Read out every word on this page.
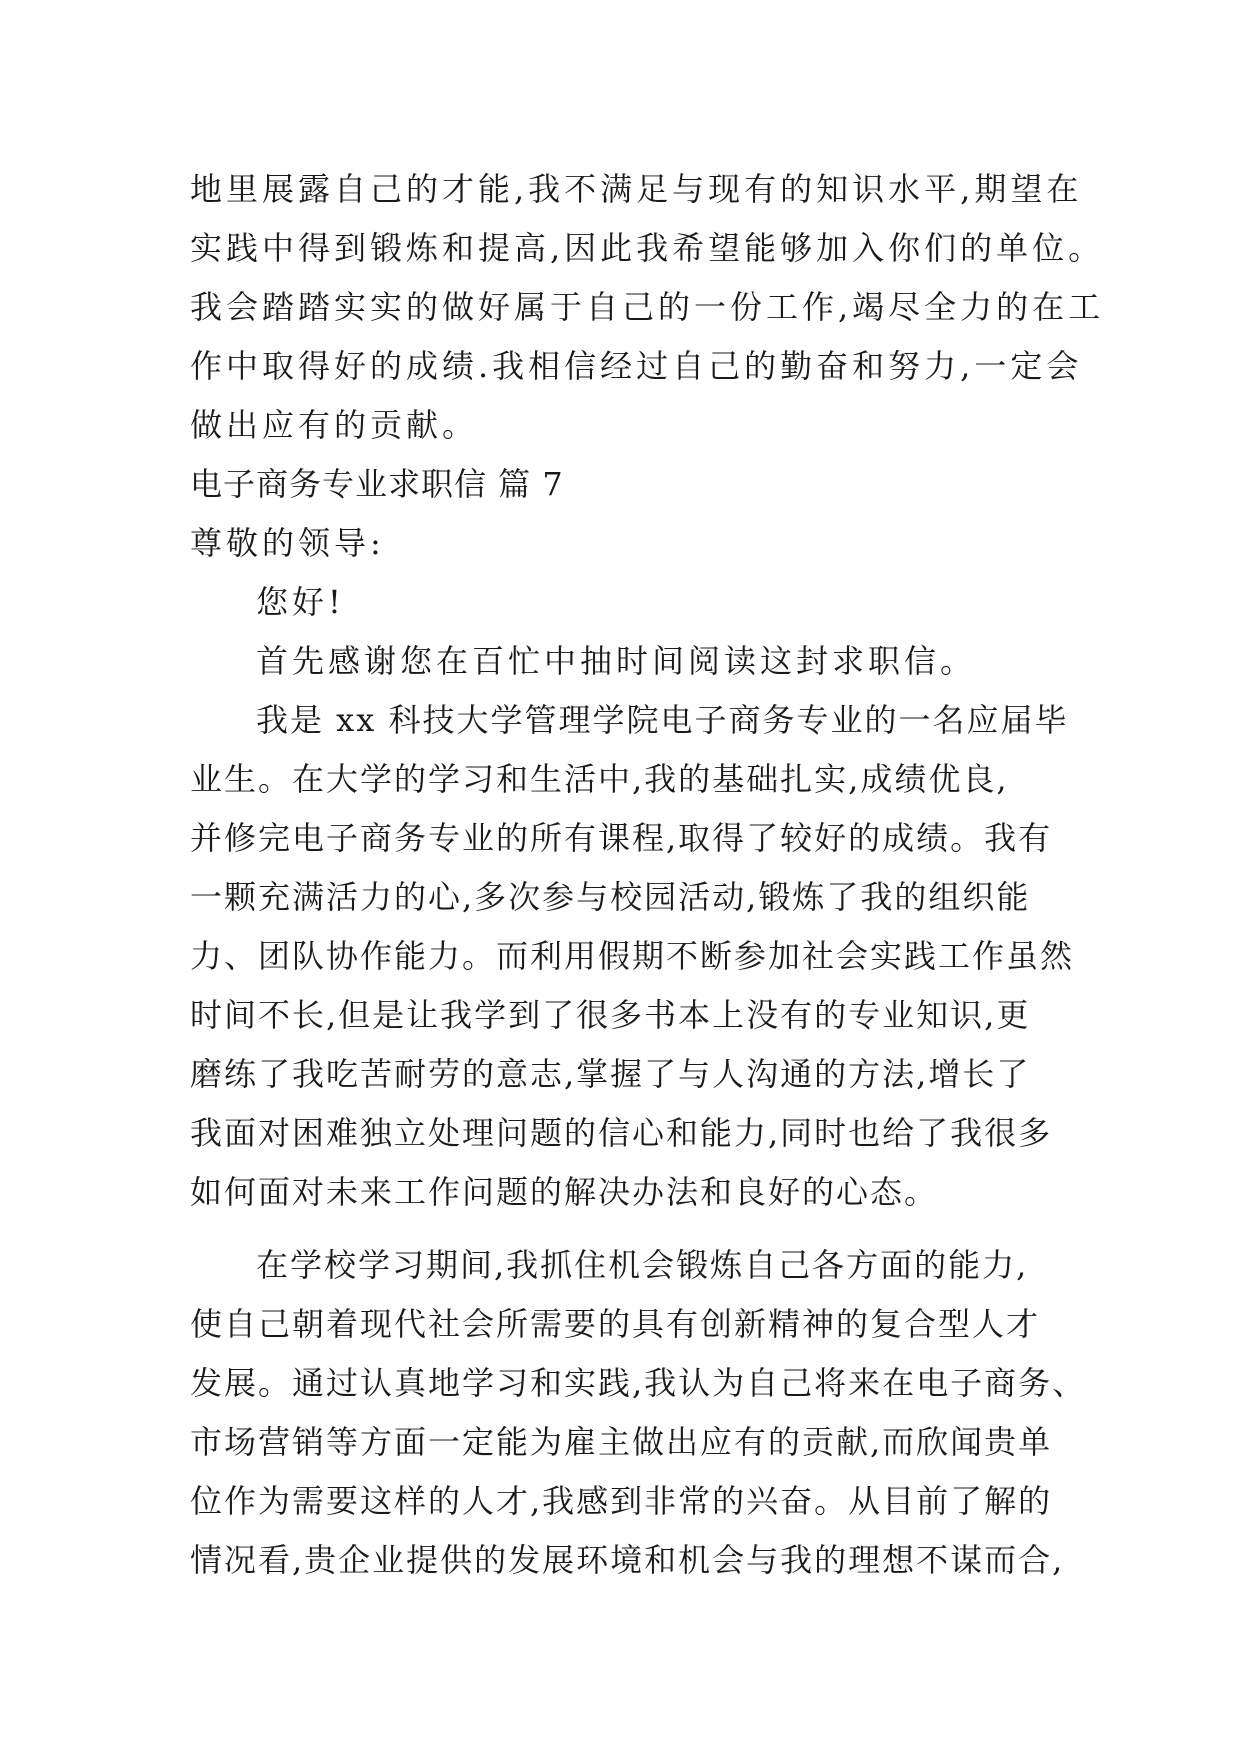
地里展露自己的才能,我不满足与现有的知识水平,期望在
实践中得到锻炼和提高,因此我希望能够加入你们的单位。
我会踏踏实实的做好属于自己的一份工作,竭尽全力的在工
作中取得好的成绩.我相信经过自己的勤奋和努力,一定会
做出应有的贡献。
电子商务专业求职信 篇 7
尊敬的领导:
您好!
首先感谢您在百忙中抽时间阅读这封求职信。
我是 xx 科技大学管理学院电子商务专业的一名应届毕
业生。在大学的学习和生活中,我的基础扎实,成绩优良,
并修完电子商务专业的所有课程,取得了较好的成绩。我有
一颗充满活力的心,多次参与校园活动,锻炼了我的组织能
力、团队协作能力。而利用假期不断参加社会实践工作虽然
时间不长,但是让我学到了很多书本上没有的专业知识,更
磨练了我吃苦耐劳的意志,掌握了与人沟通的方法,增长了
我面对困难独立处理问题的信心和能力,同时也给了我很多
如何面对未来工作问题的解决办法和良好的心态。
在学校学习期间,我抓住机会锻炼自己各方面的能力,
使自己朝着现代社会所需要的具有创新精神的复合型人才
发展。通过认真地学习和实践,我认为自己将来在电子商务、
市场营销等方面一定能为雇主做出应有的贡献,而欣闻贵单
位作为需要这样的人才,我感到非常的兴奋。从目前了解的
情况看,贵企业提供的发展环境和机会与我的理想不谋而合,
